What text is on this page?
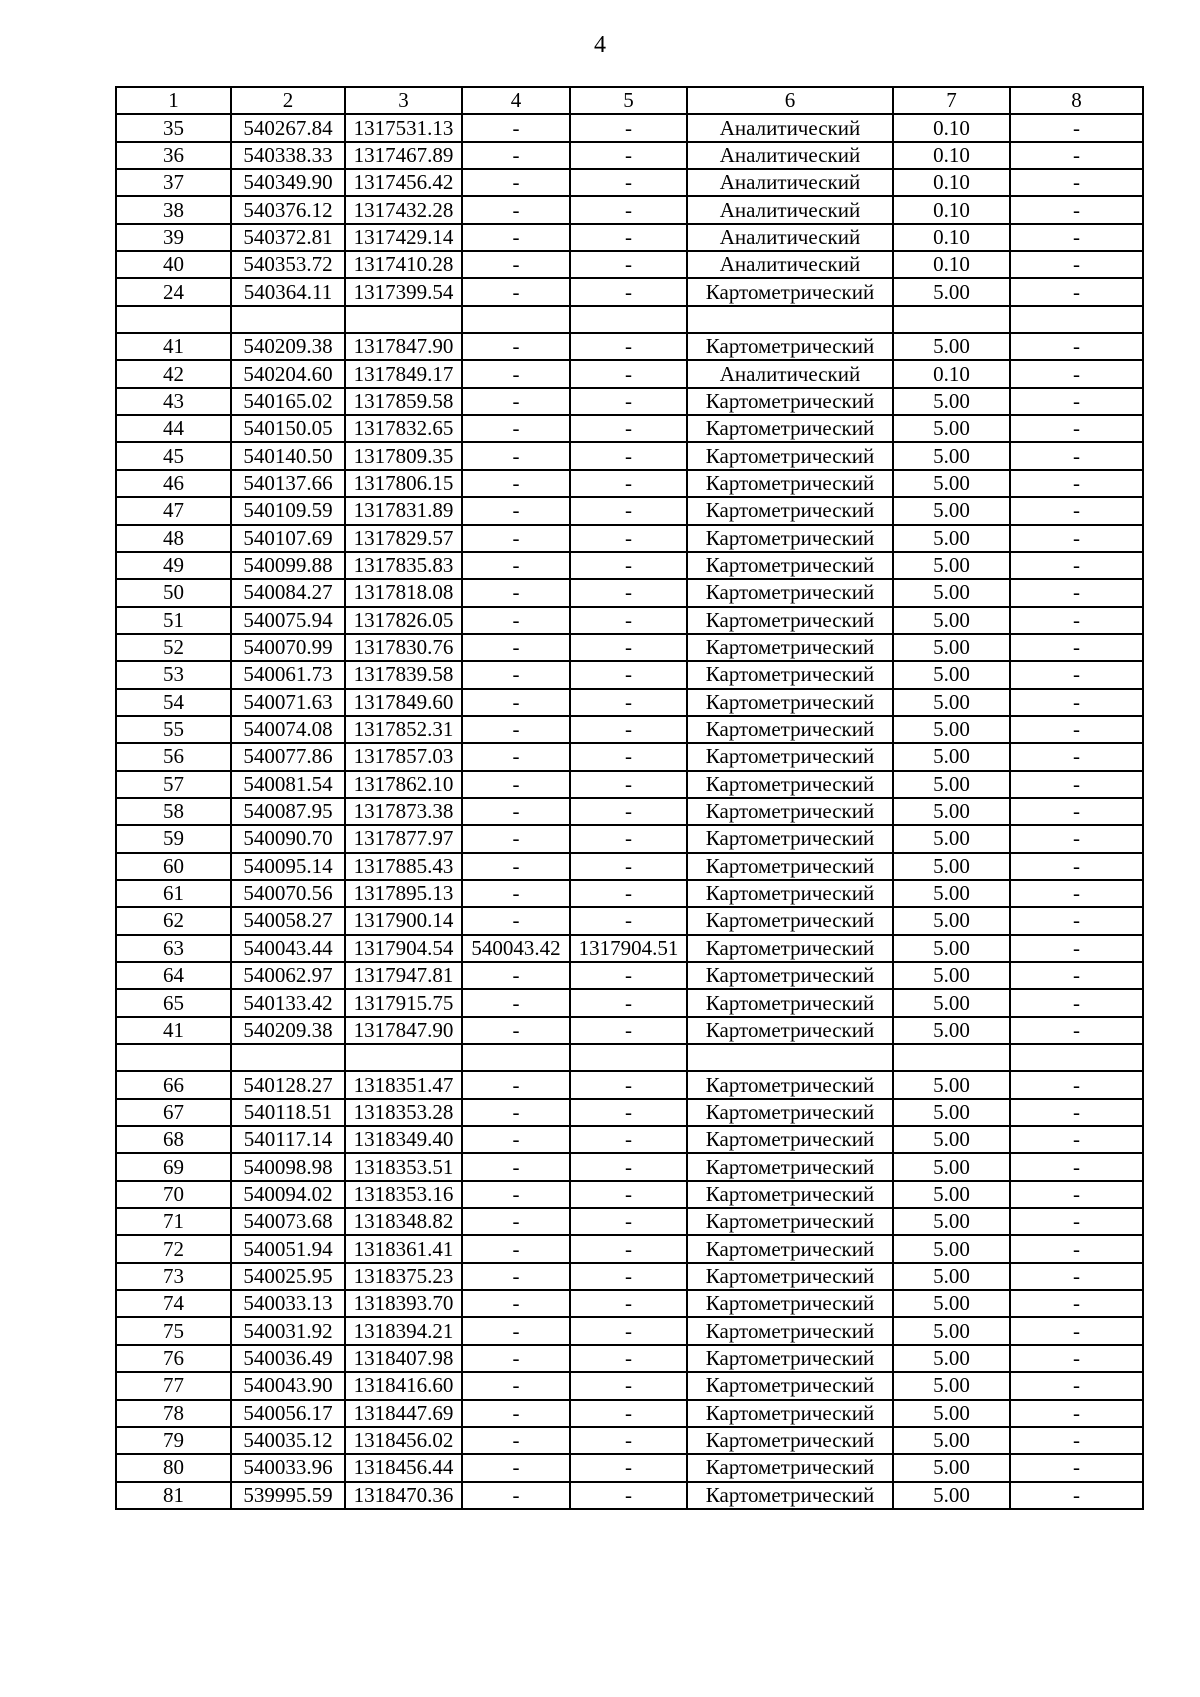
4
1	2	3	4	5	6	7	8
35	540267.84	1317531.13	-	-	Аналитический	0.10	-
36	540338.33	1317467.89	-	-	Аналитический	0.10	-
37	540349.90	1317456.42	-	-	Аналитический	0.10	-
38	540376.12	1317432.28	-	-	Аналитический	0.10	-
39	540372.81	1317429.14	-	-	Аналитический	0.10	-
40	540353.72	1317410.28	-	-	Аналитический	0.10	-
24	540364.11	1317399.54	-	-	Картометрический	5.00	-

41	540209.38	1317847.90	-	-	Картометрический	5.00	-
42	540204.60	1317849.17	-	-	Аналитический	0.10	-
43	540165.02	1317859.58	-	-	Картометрический	5.00	-
44	540150.05	1317832.65	-	-	Картометрический	5.00	-
45	540140.50	1317809.35	-	-	Картометрический	5.00	-
46	540137.66	1317806.15	-	-	Картометрический	5.00	-
47	540109.59	1317831.89	-	-	Картометрический	5.00	-
48	540107.69	1317829.57	-	-	Картометрический	5.00	-
49	540099.88	1317835.83	-	-	Картометрический	5.00	-
50	540084.27	1317818.08	-	-	Картометрический	5.00	-
51	540075.94	1317826.05	-	-	Картометрический	5.00	-
52	540070.99	1317830.76	-	-	Картометрический	5.00	-
53	540061.73	1317839.58	-	-	Картометрический	5.00	-
54	540071.63	1317849.60	-	-	Картометрический	5.00	-
55	540074.08	1317852.31	-	-	Картометрический	5.00	-
56	540077.86	1317857.03	-	-	Картометрический	5.00	-
57	540081.54	1317862.10	-	-	Картометрический	5.00	-
58	540087.95	1317873.38	-	-	Картометрический	5.00	-
59	540090.70	1317877.97	-	-	Картометрический	5.00	-
60	540095.14	1317885.43	-	-	Картометрический	5.00	-
61	540070.56	1317895.13	-	-	Картометрический	5.00	-
62	540058.27	1317900.14	-	-	Картометрический	5.00	-
63	540043.44	1317904.54	540043.42	1317904.51	Картометрический	5.00	-
64	540062.97	1317947.81	-	-	Картометрический	5.00	-
65	540133.42	1317915.75	-	-	Картометрический	5.00	-
41	540209.38	1317847.90	-	-	Картометрический	5.00	-

66	540128.27	1318351.47	-	-	Картометрический	5.00	-
67	540118.51	1318353.28	-	-	Картометрический	5.00	-
68	540117.14	1318349.40	-	-	Картометрический	5.00	-
69	540098.98	1318353.51	-	-	Картометрический	5.00	-
70	540094.02	1318353.16	-	-	Картометрический	5.00	-
71	540073.68	1318348.82	-	-	Картометрический	5.00	-
72	540051.94	1318361.41	-	-	Картометрический	5.00	-
73	540025.95	1318375.23	-	-	Картометрический	5.00	-
74	540033.13	1318393.70	-	-	Картометрический	5.00	-
75	540031.92	1318394.21	-	-	Картометрический	5.00	-
76	540036.49	1318407.98	-	-	Картометрический	5.00	-
77	540043.90	1318416.60	-	-	Картометрический	5.00	-
78	540056.17	1318447.69	-	-	Картометрический	5.00	-
79	540035.12	1318456.02	-	-	Картометрический	5.00	-
80	540033.96	1318456.44	-	-	Картометрический	5.00	-
81	539995.59	1318470.36	-	-	Картометрический	5.00	-
